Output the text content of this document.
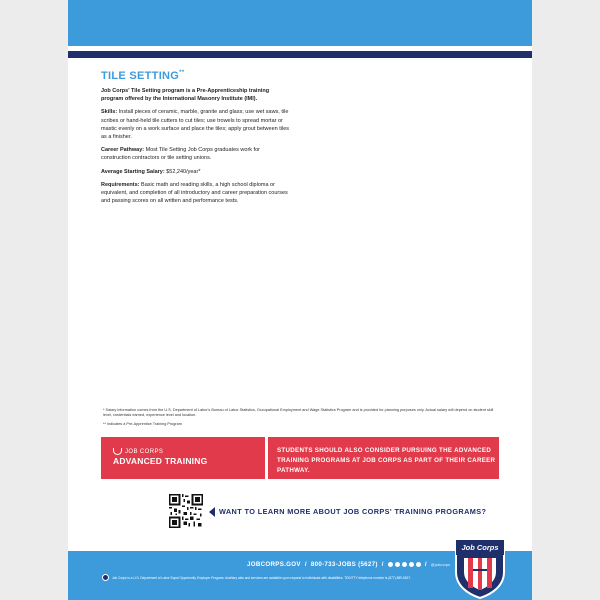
TILE SETTING**

Job Corps' Tile Setting program is a Pre-Apprenticeship training program offered by the International Masonry Institute (IMI).

Skills: Install pieces of ceramic, marble, granite and glass; use wet saws, tile scribes or hand-held tile cutters to cut tiles; use trowels to spread mortar or mastic evenly on a work surface and place the tiles; apply grout between tiles as a finisher.

Career Pathway: Most Tile Setting Job Corps graduates work for construction contractors or tile setting unions.

Average Starting Salary: $52,240/year*

Requirements: Basic math and reading skills, a high school diploma or equivalent, and completion of all introductory and career preparation courses and passing scores on all written and performance tests.

* Salary information comes from the U.S. Department of Labor's Bureau of Labor Statistics, Occupational Employment and Wage Statistics Program and is provided for planning purposes only. Actual salary will depend on student skill level, credentials earned, experience level and location.
** Indicates a Pre-Apprentice Training Program
JOB CORPS
ADVANCED TRAINING
STUDENTS SHOULD ALSO CONSIDER PURSUING THE ADVANCED TRAINING PROGRAMS AT JOB CORPS AS PART OF THEIR CAREER PATHWAY.
WANT TO LEARN MORE ABOUT JOB CORPS' TRAINING PROGRAMS?
JOBCORPS.GOV / 800-733-JOBS (5627) /	/ @jobcorps
Job Corps is a U.S. Department of Labor Equal Opportunity Employer Program. Auxiliary aids and services are available upon request to individuals with disabilities. TDD/TTY telephone number is (877) 889-5627.
Job Corps
